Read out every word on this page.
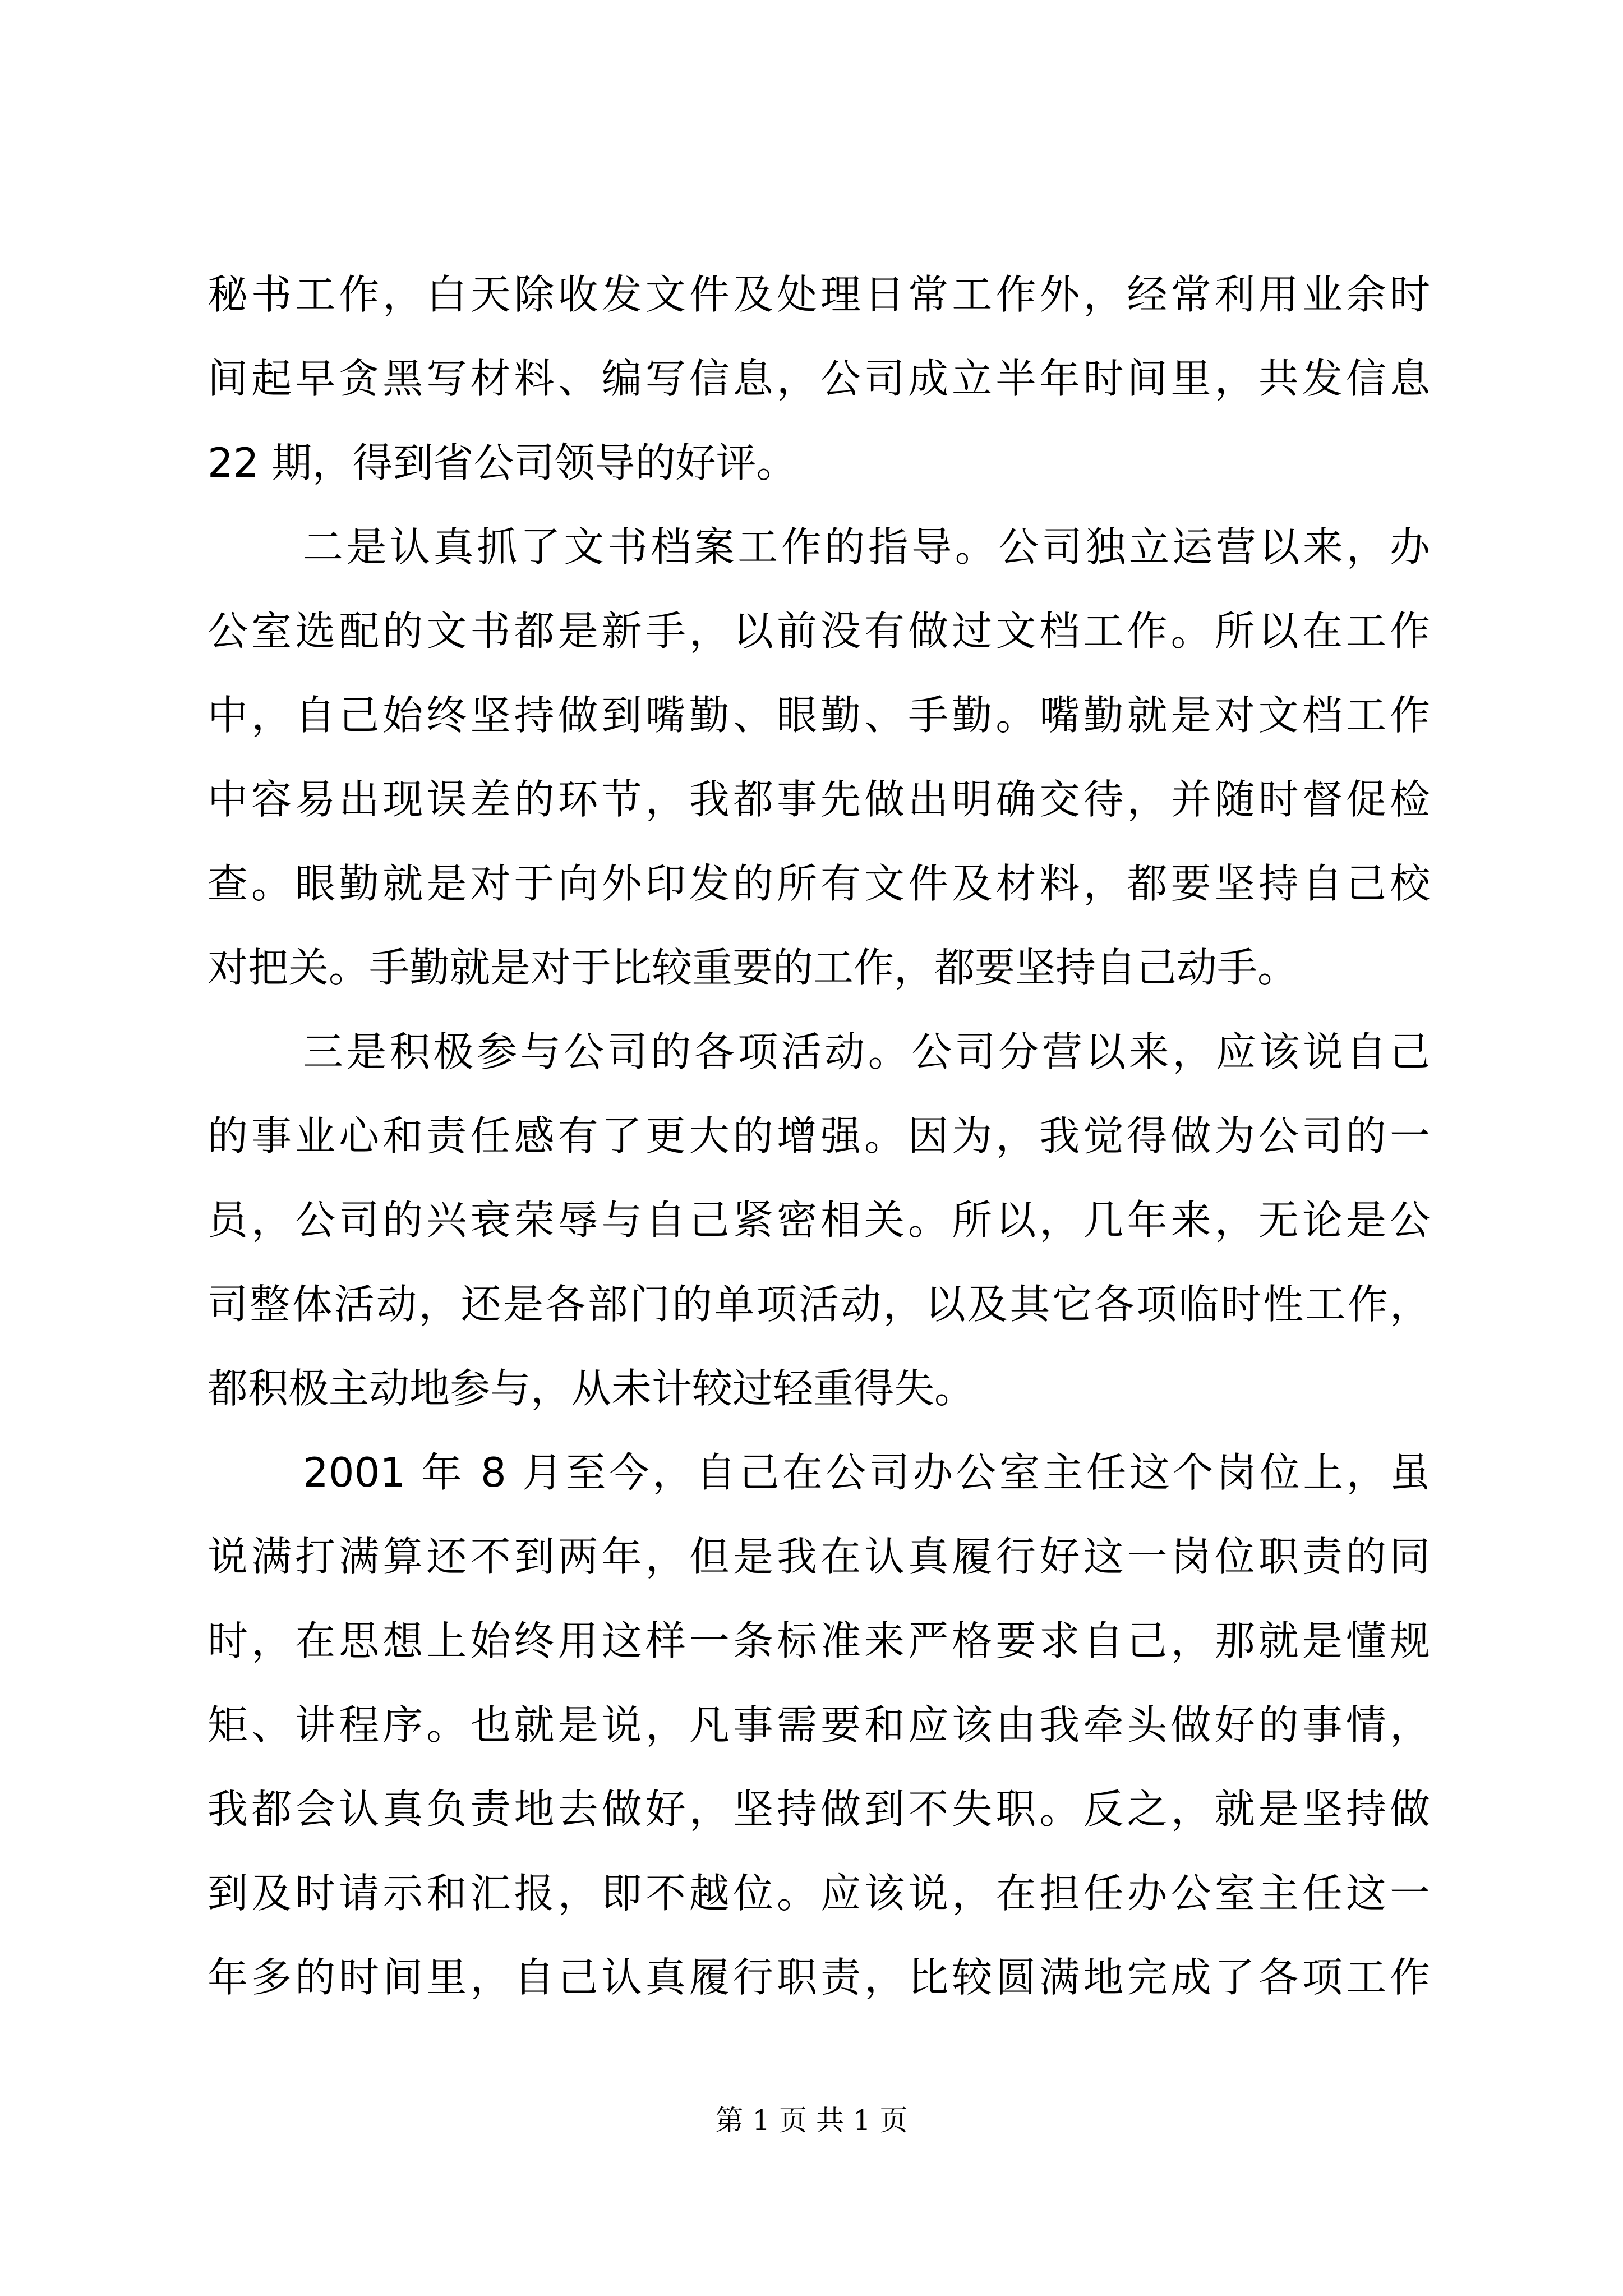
秘书工作，白天除收发文件及处理日常工作外，经常利用业余时
间起早贪黑写材料、编写信息，公司成立半年时间里，共发信息
22 期，得到省公司领导的好评。
二是认真抓了文书档案工作的指导。公司独立运营以来，办
公室选配的文书都是新手，以前没有做过文档工作。所以在工作
中，自己始终坚持做到嘴勤、眼勤、手勤。嘴勤就是对文档工作
中容易出现误差的环节，我都事先做出明确交待，并随时督促检
查。眼勤就是对于向外印发的所有文件及材料，都要坚持自己校
对把关。手勤就是对于比较重要的工作，都要坚持自己动手。
三是积极参与公司的各项活动。公司分营以来，应该说自己
的事业心和责任感有了更大的增强。因为，我觉得做为公司的一
员，公司的兴衰荣辱与自己紧密相关。所以，几年来，无论是公
司整体活动，还是各部门的单项活动，以及其它各项临时性工作，
都积极主动地参与，从未计较过轻重得失。
2001 年 8 月至今，自己在公司办公室主任这个岗位上，虽
说满打满算还不到两年，但是我在认真履行好这一岗位职责的同
时，在思想上始终用这样一条标准来严格要求自己，那就是懂规
矩、讲程序。也就是说，凡事需要和应该由我牵头做好的事情，
我都会认真负责地去做好，坚持做到不失职。反之，就是坚持做
到及时请示和汇报，即不越位。应该说，在担任办公室主任这一
年多的时间里，自己认真履行职责，比较圆满地完成了各项工作
第 1 页 共 1 页
